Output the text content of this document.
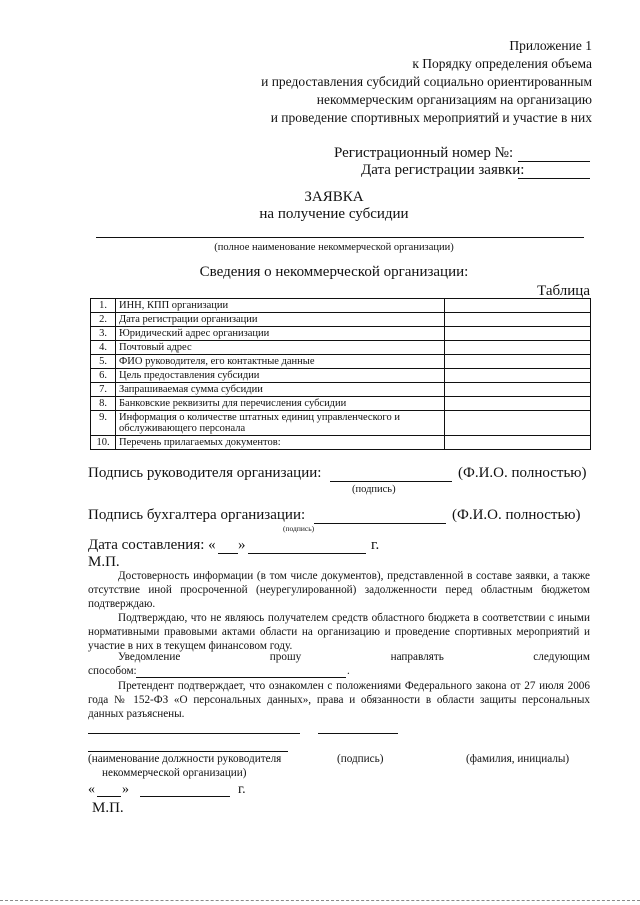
Приложение 1
к Порядку определения объема
и предоставления субсидий социально ориентированным
некоммерческим организациям на организацию
и проведение спортивных мероприятий и участие в них
Регистрационный номер №:
Дата регистрации заявки:
ЗАЯВКА
на получение субсидии
(полное наименование некоммерческой организации)
Сведения о некоммерческой организации:
Таблица
1.	ИНН, КПП организации	
2.	Дата регистрации организации	
3.	Юридический адрес организации	
4.	Почтовый адрес	
5.	ФИО руководителя, его контактные данные	
6.	Цель предоставления субсидии	
7.	Запрашиваемая сумма субсидии	
8.	Банковские реквизиты для перечисления субсидии	
9.	Информация о количестве штатных единиц управленческого и обслуживающего персонала	
10.	Перечень прилагаемых документов:	
Подпись руководителя организации:	(Ф.И.О. полностью)
(подпись)
Подпись бухгалтера организации:	(Ф.И.О. полностью)
(подпись)
Дата составления: « »	г.
М.П.
Достоверность информации (в том числе документов), представленной в составе заявки, а также отсутствие иной просроченной (неурегулированной) задолженности перед областным бюджетом подтверждаю.
Подтверждаю, что не являюсь получателем средств областного бюджета в соответствии с иными нормативными правовыми актами области на организацию и проведение спортивных мероприятий и участие в них в текущем финансовом году.
Уведомление	прошу	направлять	следующим
способом:	.
Претендент подтверждает, что ознакомлен с положениями Федерального закона от 27 июля 2006 года № 152-ФЗ «О персональных данных», права и обязанности в области защиты персональных данных разъяснены.
(наименование должности руководителя
некоммерческой организации)
(подпись)	(фамилия, инициалы)
« »	г.
М.П.
